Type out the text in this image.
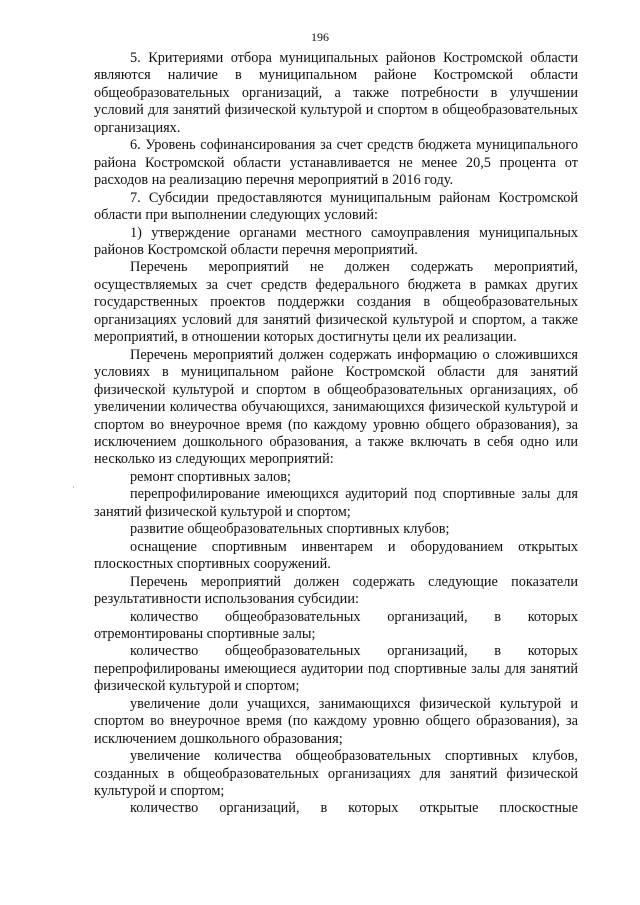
196
·

5. Критериями отбора муниципальных районов Костромской области являются наличие в муниципальном районе Костромской области общеобразовательных организаций, а также потребности в улучшении условий для занятий физической культурой и спортом в общеобразовательных организациях.

6. Уровень софинансирования за счет средств бюджета муниципального района Костромской области устанавливается не менее 20,5 процента от расходов на реализацию перечня мероприятий в 2016 году.

7. Субсидии предоставляются муниципальным районам Костромской области при выполнении следующих условий:

1) утверждение органами местного самоуправления муниципальных районов Костромской области перечня мероприятий.

Перечень мероприятий не должен содержать мероприятий, осуществляемых за счет средств федерального бюджета в рамках других государственных проектов поддержки создания в общеобразовательных организациях условий для занятий физической культурой и спортом, а также мероприятий, в отношении которых достигнуты цели их реализации.

Перечень мероприятий должен содержать информацию о сложившихся условиях в муниципальном районе Костромской области для занятий физической культурой и спортом в общеобразовательных организациях, об увеличении количества обучающихся, занимающихся физической культурой и спортом во внеурочное время (по каждому уровню общего образования), за исключением дошкольного образования, а также включать в себя одно или несколько из следующих мероприятий:

ремонт спортивных залов;

перепрофилирование имеющихся аудиторий под спортивные залы для занятий физической культурой и спортом;

развитие общеобразовательных спортивных клубов;

оснащение спортивным инвентарем и оборудованием открытых плоскостных спортивных сооружений.

Перечень мероприятий должен содержать следующие показатели результативности использования субсидии:

количество общеобразовательных организаций, в которых отремонтированы спортивные залы;

количество общеобразовательных организаций, в которых перепрофилированы имеющиеся аудитории под спортивные залы для занятий физической культурой и спортом;

увеличение доли учащихся, занимающихся физической культурой и спортом во внеурочное время (по каждому уровню общего образования), за исключением дошкольного образования;

увеличение количества общеобразовательных спортивных клубов, созданных в общеобразовательных организациях для занятий физической культурой и спортом;

количество организаций, в которых открытые плоскостные
